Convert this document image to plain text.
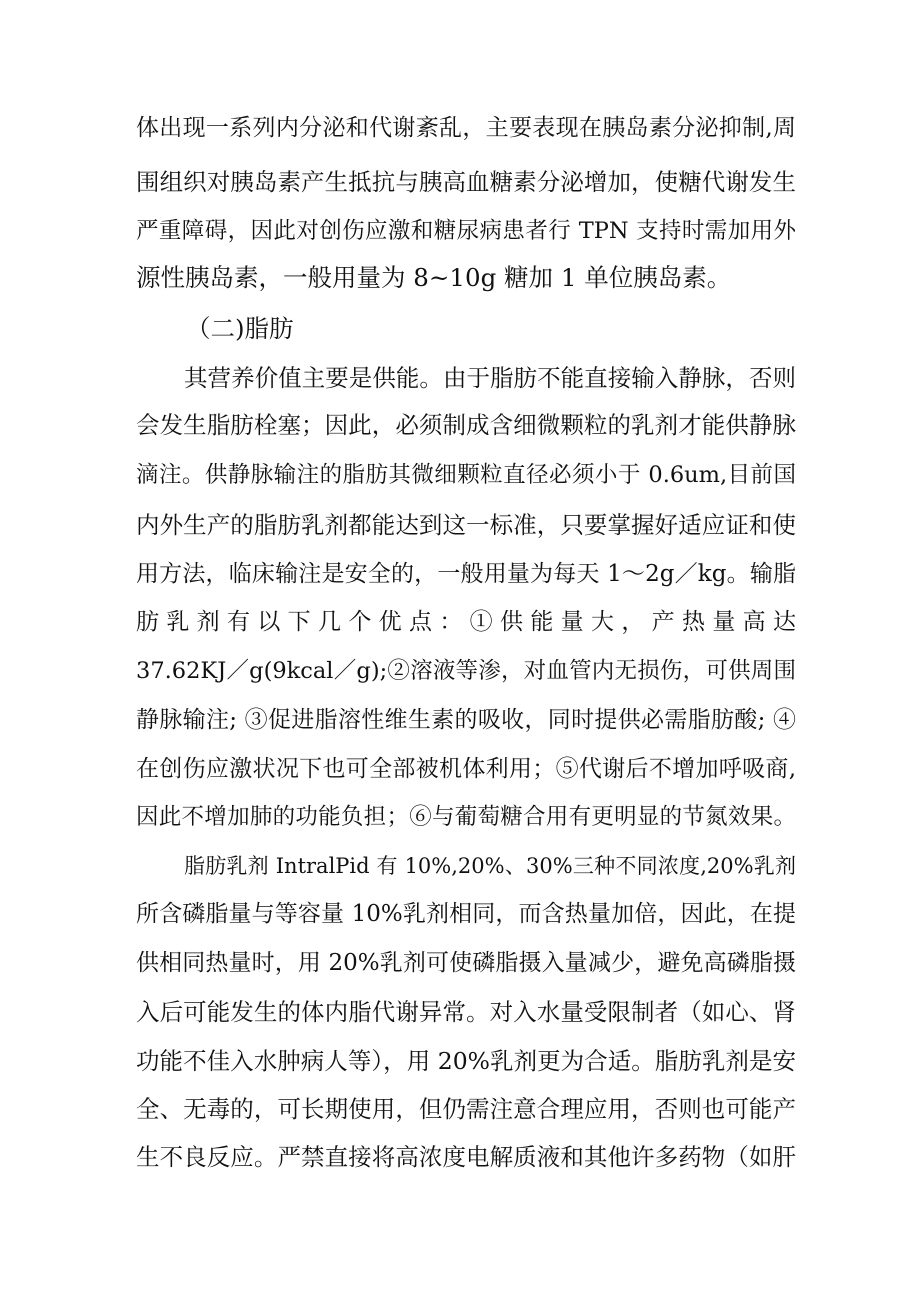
体出现一系列内分泌和代谢紊乱，主要表现在胰岛素分泌抑制,周
围组织对胰岛素产生抵抗与胰高血糖素分泌增加，使糖代谢发生
严重障碍，因此对创伤应激和糖尿病患者行 TPN 支持时需加用外
源性胰岛素，一般用量为 8~10g 糖加 1 单位胰岛素。
（二)脂肪
其营养价值主要是供能。由于脂肪不能直接输入静脉，否则
会发生脂肪栓塞；因此，必须制成含细微颗粒的乳剂才能供静脉
滴注。供静脉输注的脂肪其微细颗粒直径必须小于 0.6um,目前国
内外生产的脂肪乳剂都能达到这一标准，只要掌握好适应证和使
用方法，临床输注是安全的，一般用量为每天 1～2g／kg。输脂
肪 乳 剂 有 以 下 几 个 优 点 ： ① 供 能 量 大 ， 产 热 量 高 达
37.62KJ／g(9kcal／g);②溶液等渗，对血管内无损伤，可供周围
静脉输注; ③促进脂溶性维生素的吸收，同时提供必需脂肪酸; ④
在创伤应激状况下也可全部被机体利用；⑤代谢后不增加呼吸商,
因此不增加肺的功能负担；⑥与葡萄糖合用有更明显的节氮效果。
脂肪乳剂 IntralPid 有 10%,20%、30%三种不同浓度,20%乳剂
所含磷脂量与等容量 10%乳剂相同，而含热量加倍，因此，在提
供相同热量时，用 20%乳剂可使磷脂摄入量减少，避免高磷脂摄
入后可能发生的体内脂代谢异常。对入水量受限制者（如心、肾
功能不佳入水肿病人等），用 20%乳剂更为合适。脂肪乳剂是安
全、无毒的，可长期使用，但仍需注意合理应用，否则也可能产
生不良反应。严禁直接将高浓度电解质液和其他许多药物（如肝
